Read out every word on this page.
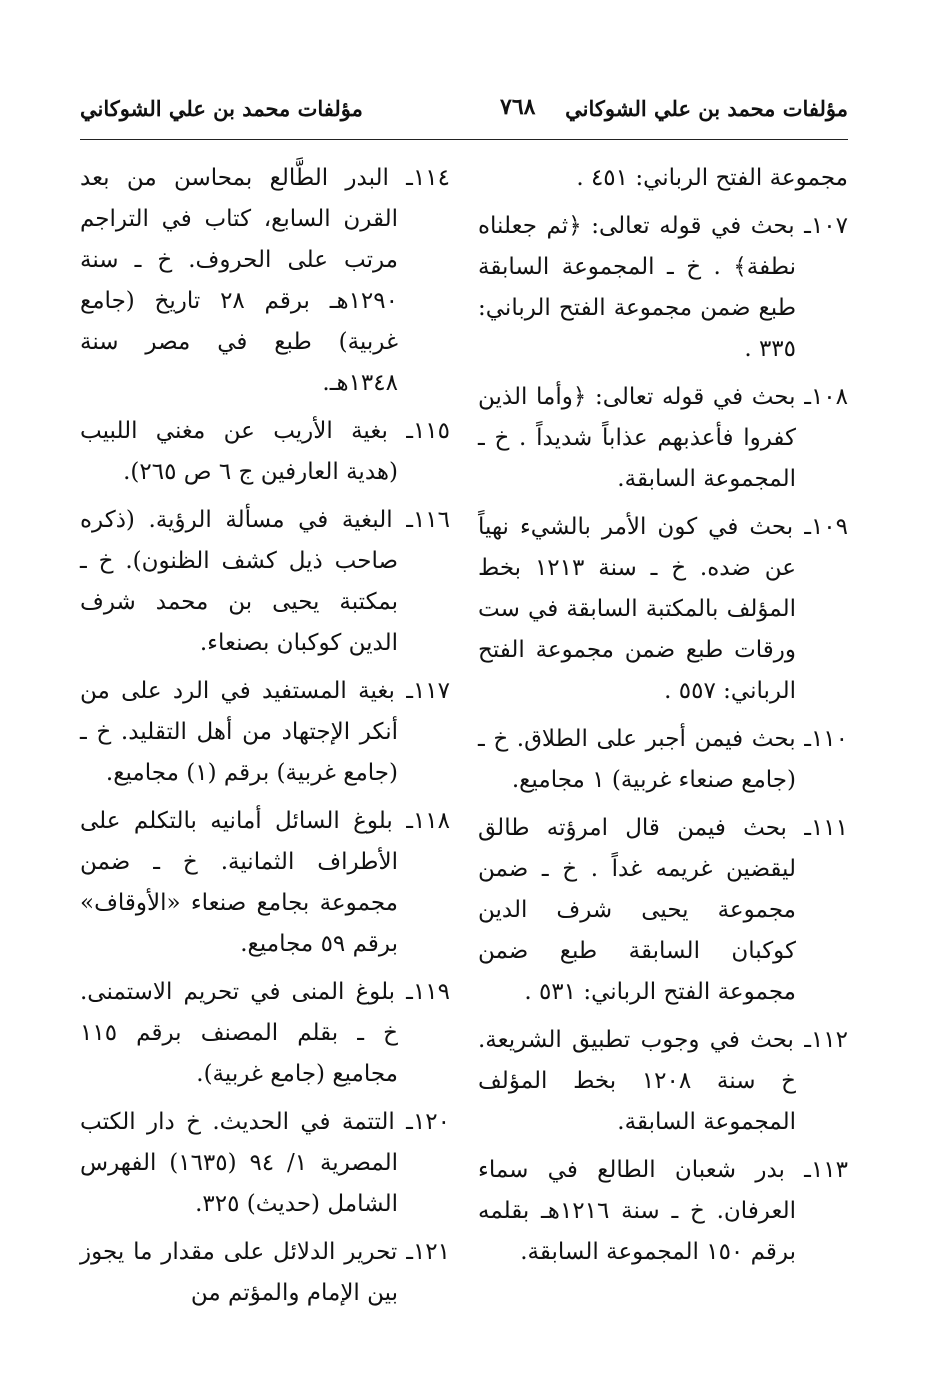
مؤلفات محمد بن علي الشوكاني
٧٦٨
مؤلفات محمد بن علي الشوكاني

مجموعة الفتح الرباني: ٤٥١ .

١٠٧ـ بحث في قوله تعالى: ﴿ثم جعلناه نطفة﴾ . خ ـ المجموعة السابقة طبع ضمن مجموعة الفتح الرباني: ٣٣٥ .

١٠٨ـ بحث في قوله تعالى: ﴿وأما الذين كفروا فأعذبهم عذاباً شديداً . خ ـ المجموعة السابقة.

١٠٩ـ بحث في كون الأمر بالشيء نهياً عن ضده. خ ـ سنة ١٢١٣ بخط المؤلف بالمكتبة السابقة في ست ورقات طبع ضمن مجموعة الفتح الرباني: ٥٥٧ .

١١٠ـ بحث فيمن أجبر على الطلاق. خ ـ (جامع صنعاء غربية) ١ مجاميع.

١١١ـ بحث فيمن قال امرؤته طالق ليقضين غريمه غداً . خ ـ ضمن مجموعة يحيى شرف الدين كوكبان السابقة طبع ضمن مجموعة الفتح الرباني: ٥٣١ .

١١٢ـ بحث في وجوب تطبيق الشريعة. خ سنة ١٢٠٨ بخط المؤلف المجموعة السابقة.

١١٣ـ بدر شعبان الطالع في سماء العرفان. خ ـ سنة ١٢١٦هـ بقلمه برقم ١٥٠ المجموعة السابقة.

١١٤ـ البدر الطَّالع بمحاسن من بعد القرن السابع، كتاب في التراجم مرتب على الحروف. خ ـ سنة ١٢٩٠هـ برقم ٢٨ تاريخ (جامع غربية) طبع في مصر سنة ١٣٤٨هـ.

١١٥ـ بغية الأريب عن مغني اللبيب (هدية العارفين ج ٦ ص ٢٦٥).

١١٦ـ البغية في مسألة الرؤية. (ذكره صاحب ذيل كشف الظنون). خ ـ بمكتبة يحيى بن محمد شرف الدين كوكبان بصنعاء.

١١٧ـ بغية المستفيد في الرد على من أنكر الإجتهاد من أهل التقليد. خ ـ (جامع غربية) برقم (١) مجاميع.

١١٨ـ بلوغ السائل أمانيه بالتكلم على الأطراف الثمانية. خ ـ ضمن مجموعة بجامع صنعاء «الأوقاف» برقم ٥٩ مجاميع.

١١٩ـ بلوغ المنى في تحريم الاستمنى. خ ـ بقلم المصنف برقم ١١٥ مجاميع (جامع غربية).

١٢٠ـ التتمة في الحديث. خ دار الكتب المصرية ١/ ٩٤ (١٦٣٥) الفهرس الشامل (حديث) ٣٢٥.

١٢١ـ تحرير الدلائل على مقدار ما يجوز بين الإمام والمؤتم من
